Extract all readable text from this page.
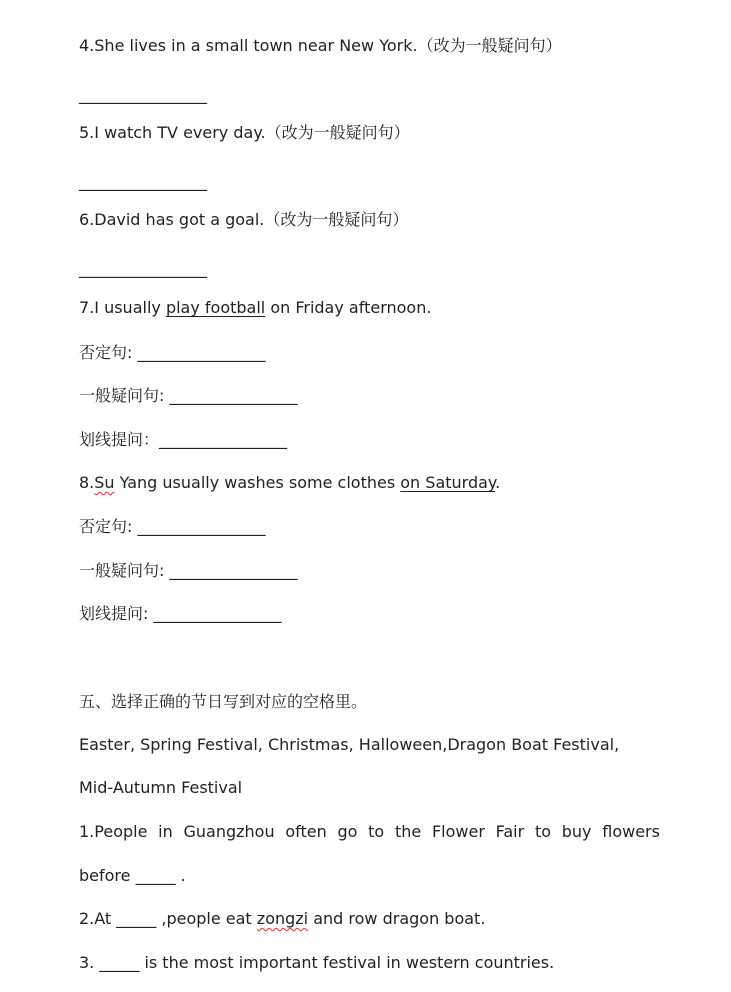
4.She lives in a small town near New York.（改为一般疑问句）
________________
5.I watch TV every day.（改为一般疑问句）
________________
6.David has got a goal.（改为一般疑问句）
________________
7.I usually play football on Friday afternoon.
否定句: ________________
一般疑问句: ________________
划线提问：________________
8.Su Yang usually washes some clothes on Saturday.
否定句: ________________
一般疑问句: ________________
划线提问: ________________
五、选择正确的节日写到对应的空格里。
Easter, Spring Festival, Christmas, Halloween,Dragon Boat Festival,
Mid-Autumn Festival
1.People in Guangzhou often go to the Flower Fair to buy flowers
before _____ .
2.At _____ ,people eat zongzi and row dragon boat.
3. _____ is the most important festival in western countries.
